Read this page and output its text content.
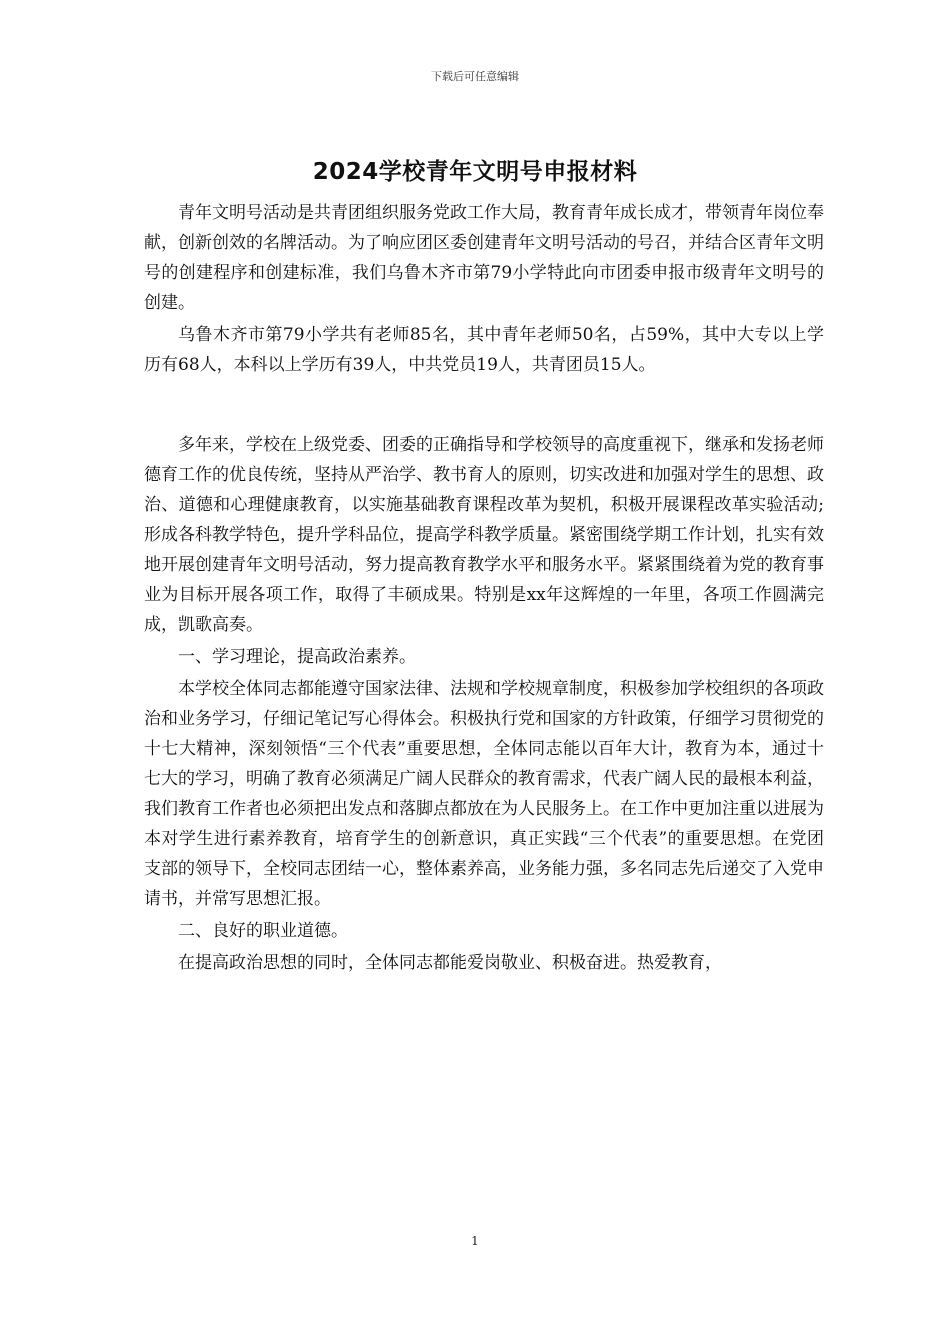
下载后可任意编辑
2024学校青年文明号申报材料

青年文明号活动是共青团组织服务党政工作大局，教育青年成长成才，带领青年岗位奉献，创新创效的名牌活动。为了响应团区委创建青年文明号活动的号召，并结合区青年文明号的创建程序和创建标准，我们乌鲁木齐市第79小学特此向市团委申报市级青年文明号的创建。

乌鲁木齐市第79小学共有老师85名，其中青年老师50名，占59%，其中大专以上学历有68人，本科以上学历有39人，中共党员19人，共青团员15人。

多年来，学校在上级党委、团委的正确指导和学校领导的高度重视下，继承和发扬老师德育工作的优良传统，坚持从严治学、教书育人的原则，切实改进和加强对学生的思想、政治、道德和心理健康教育，以实施基础教育课程改革为契机，积极开展课程改革实验活动;形成各科教学特色，提升学科品位，提高学科教学质量。紧密围绕学期工作计划，扎实有效地开展创建青年文明号活动，努力提高教育教学水平和服务水平。紧紧围绕着为党的教育事业为目标开展各项工作，取得了丰硕成果。特别是xx年这辉煌的一年里，各项工作圆满完成，凯歌高奏。

一、学习理论，提高政治素养。

本学校全体同志都能遵守国家法律、法规和学校规章制度，积极参加学校组织的各项政治和业务学习，仔细记笔记写心得体会。积极执行党和国家的方针政策，仔细学习贯彻党的十七大精神，深刻领悟“三个代表”重要思想，全体同志能以百年大计，教育为本，通过十七大的学习，明确了教育必须满足广阔人民群众的教育需求，代表广阔人民的最根本利益，我们教育工作者也必须把出发点和落脚点都放在为人民服务上。在工作中更加注重以进展为本对学生进行素养教育，培育学生的创新意识，真正实践“三个代表”的重要思想。在党团支部的领导下，全校同志团结一心，整体素养高，业务能力强，多名同志先后递交了入党申请书，并常写思想汇报。

二、良好的职业道德。

在提高政治思想的同时，全体同志都能爱岗敬业、积极奋进。热爱教育，

1
